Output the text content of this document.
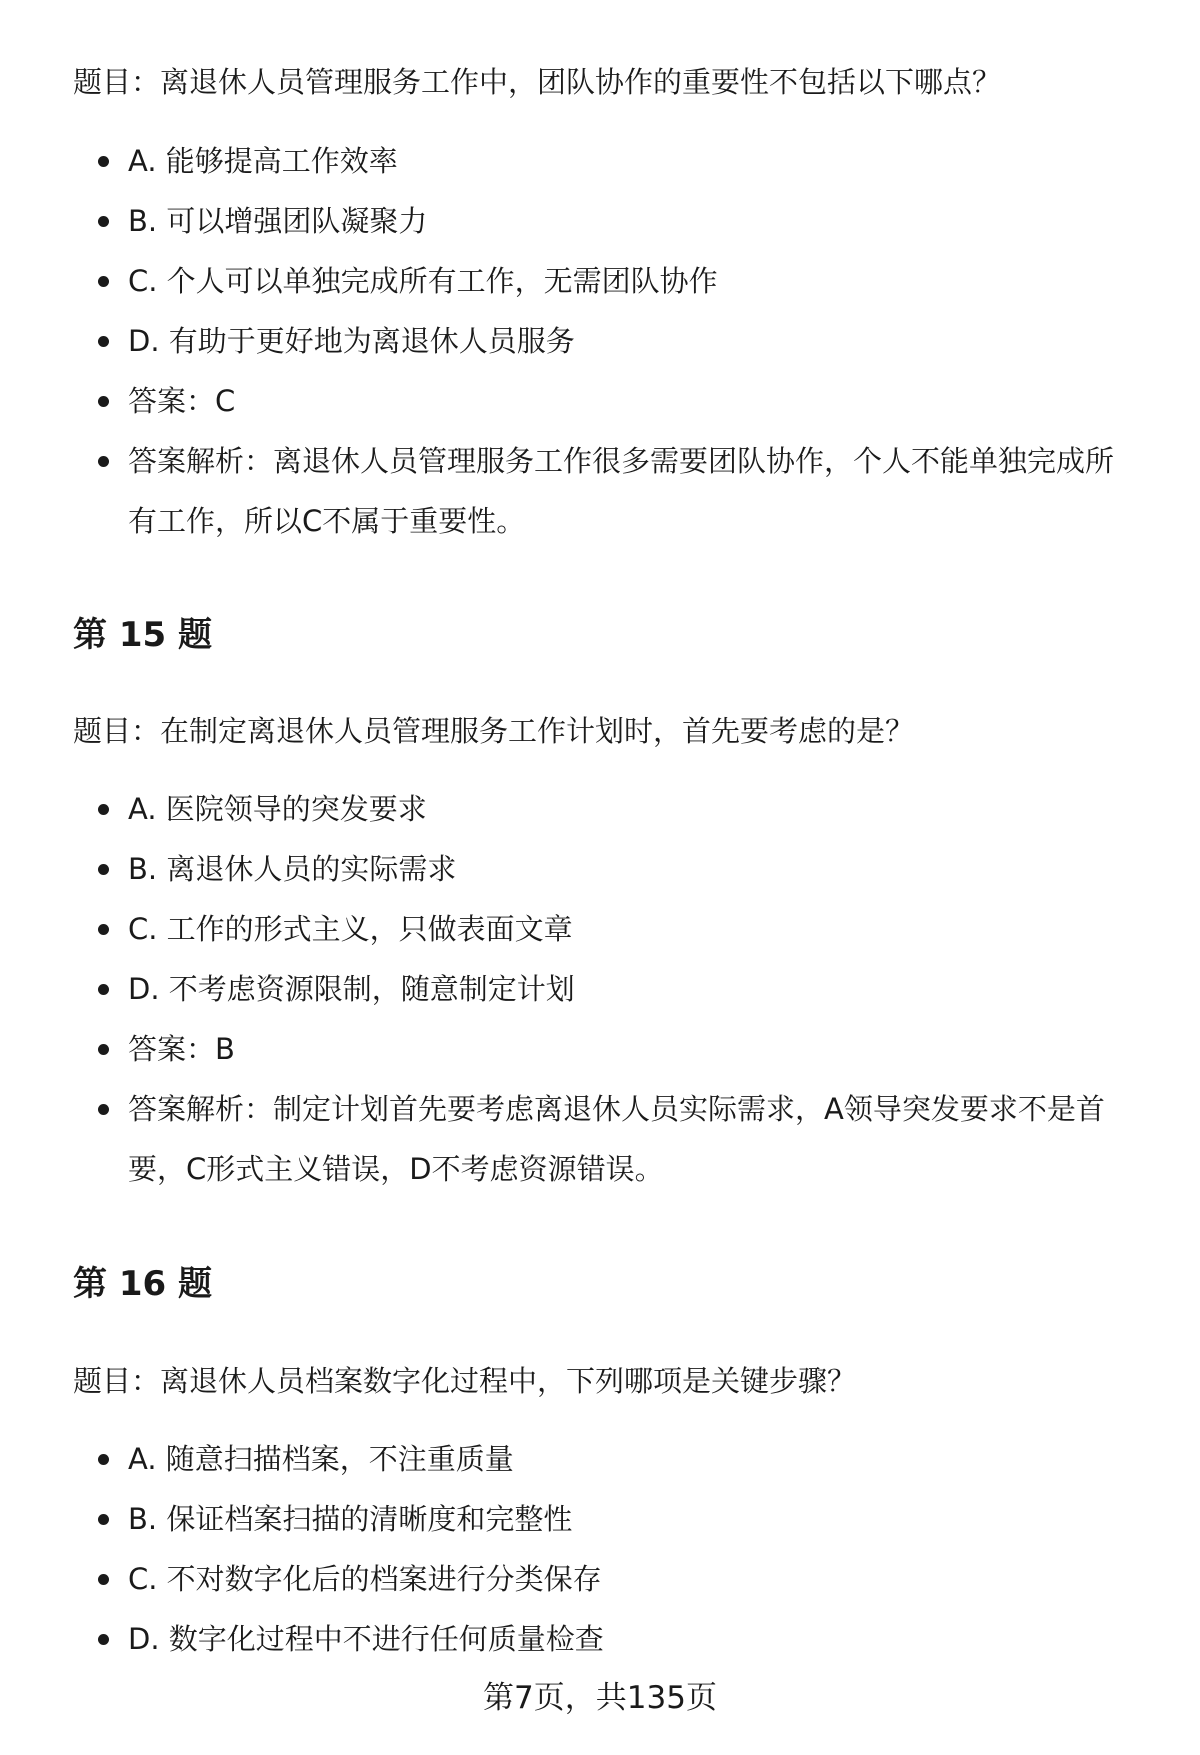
题目：离退休人员管理服务工作中，团队协作的重要性不包括以下哪点？

A. 能够提高工作效率
B. 可以增强团队凝聚力
C. 个人可以单独完成所有工作，无需团队协作
D. 有助于更好地为离退休人员服务
答案：C
答案解析：离退休人员管理服务工作很多需要团队协作，个人不能单独完成所有工作，所以C不属于重要性。
第 15 题

题目：在制定离退休人员管理服务工作计划时，首先要考虑的是？

A. 医院领导的突发要求
B. 离退休人员的实际需求
C. 工作的形式主义，只做表面文章
D. 不考虑资源限制，随意制定计划
答案：B
答案解析：制定计划首先要考虑离退休人员实际需求，A领导突发要求不是首要，C形式主义错误，D不考虑资源错误。
第 16 题

题目：离退休人员档案数字化过程中，下列哪项是关键步骤？

A. 随意扫描档案，不注重质量
B. 保证档案扫描的清晰度和完整性
C. 不对数字化后的档案进行分类保存
D. 数字化过程中不进行任何质量检查

第7页，共135页
